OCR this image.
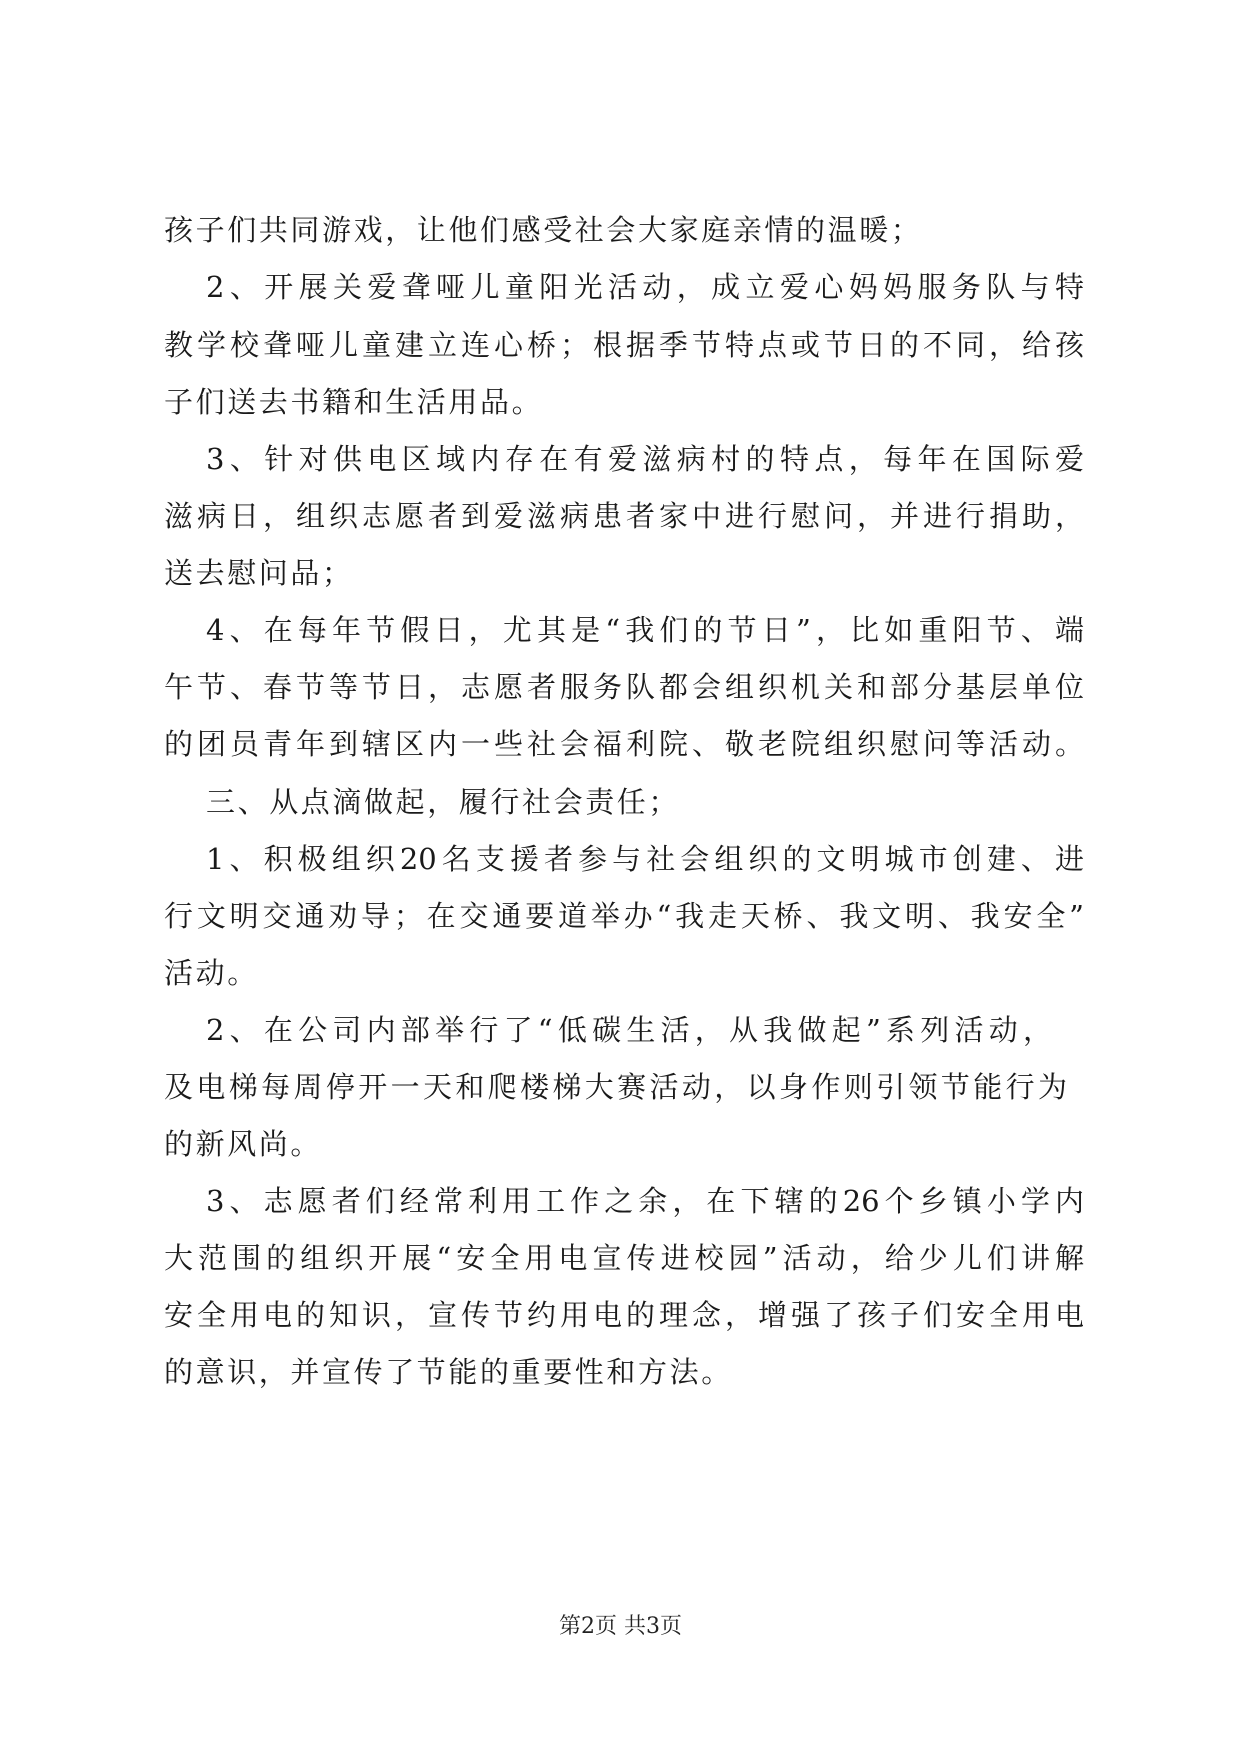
孩子们共同游戏，让他们感受社会大家庭亲情的温暖；
2、开展关爱聋哑儿童阳光活动，成立爱心妈妈服务队与特
教学校聋哑儿童建立连心桥；根据季节特点或节日的不同，给孩
子们送去书籍和生活用品。
3、针对供电区域内存在有爱滋病村的特点，每年在国际爱
滋病日，组织志愿者到爱滋病患者家中进行慰问，并进行捐助，
送去慰问品；
4、在每年节假日，尤其是“我们的节日”，比如重阳节、端
午节、春节等节日，志愿者服务队都会组织机关和部分基层单位
的团员青年到辖区内一些社会福利院、敬老院组织慰问等活动。
三、从点滴做起，履行社会责任；
1、积极组织20名支援者参与社会组织的文明城市创建、进
行文明交通劝导；在交通要道举办“我走天桥、我文明、我安全”
活动。
2、在公司内部举行了“低碳生活，从我做起”系列活动，
及电梯每周停开一天和爬楼梯大赛活动，以身作则引领节能行为
的新风尚。
3、志愿者们经常利用工作之余，在下辖的26个乡镇小学内
大范围的组织开展“安全用电宣传进校园”活动，给少儿们讲解
安全用电的知识，宣传节约用电的理念，增强了孩子们安全用电
的意识，并宣传了节能的重要性和方法。
第2页 共3页
